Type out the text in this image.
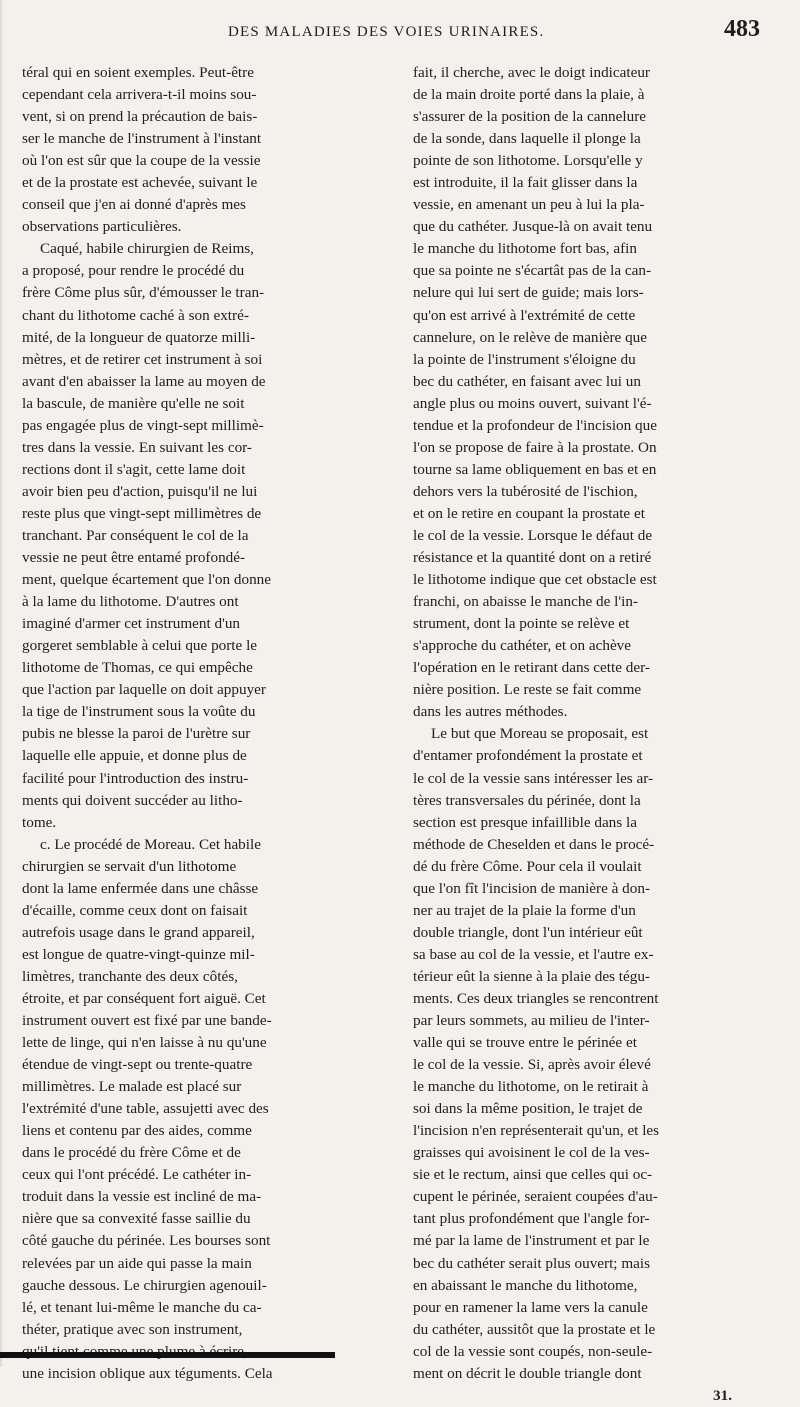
DES MALADIES DES VOIES URINAIRES.	483
téral qui en soient exemples. Peut-être
cependant cela arrivera-t-il moins sou-
vent, si on prend la précaution de bais-
ser le manche de l'instrument à l'instant
où l'on est sûr que la coupe de la vessie
et de la prostate est achevée, suivant le
conseil que j'en ai donné d'après mes
observations particulières.
Caqué, habile chirurgien de Reims,
a proposé, pour rendre le procédé du
frère Côme plus sûr, d'émousser le tran-
chant du lithotome caché à son extré-
mité, de la longueur de quatorze milli-
mètres, et de retirer cet instrument à soi
avant d'en abaisser la lame au moyen de
la bascule, de manière qu'elle ne soit
pas engagée plus de vingt-sept millimè-
tres dans la vessie. En suivant les cor-
rections dont il s'agit, cette lame doit
avoir bien peu d'action, puisqu'il ne lui
reste plus que vingt-sept millimètres de
tranchant. Par conséquent le col de la
vessie ne peut être entamé profondé-
ment, quelque écartement que l'on donne
à la lame du lithotome. D'autres ont
imaginé d'armer cet instrument d'un
gorgeret semblable à celui que porte le
lithotome de Thomas, ce qui empêche
que l'action par laquelle on doit appuyer
la tige de l'instrument sous la voûte du
pubis ne blesse la paroi de l'urètre sur
laquelle elle appuie, et donne plus de
facilité pour l'introduction des instru-
ments qui doivent succéder au litho-
tome.
c. Le procédé de Moreau. Cet habile
chirurgien se servait d'un lithotome
dont la lame enfermée dans une châsse
d'écaille, comme ceux dont on faisait
autrefois usage dans le grand appareil,
est longue de quatre-vingt-quinze mil-
limètres, tranchante des deux côtés,
étroite, et par conséquent fort aiguë. Cet
instrument ouvert est fixé par une bande-
lette de linge, qui n'en laisse à nu qu'une
étendue de vingt-sept ou trente-quatre
millimètres. Le malade est placé sur
l'extrémité d'une table, assujetti avec des
liens et contenu par des aides, comme
dans le procédé du frère Côme et de
ceux qui l'ont précédé. Le cathéter in-
troduit dans la vessie est incliné de ma-
nière que sa convexité fasse saillie du
côté gauche du périnée. Les bourses sont
relevées par un aide qui passe la main
gauche dessous. Le chirurgien agenouil-
lé, et tenant lui-même le manche du ca-
théter, pratique avec son instrument,
une incision oblique aux téguments. Cela
fait, il cherche, avec le doigt indicateur
de la main droite porté dans la plaie, à
s'assurer de la position de la cannelure
de la sonde, dans laquelle il plonge la
pointe de son lithotome. Lorsqu'elle y
est introduite, il la fait glisser dans la
vessie, en amenant un peu à lui la pla-
que du cathéter. Jusque-là on avait tenu
le manche du lithotome fort bas, afin
que sa pointe ne s'écartât pas de la can-
nelure qui lui sert de guide; mais lors-
qu'on est arrivé à l'extrémité de cette
cannelure, on le relève de manière que
la pointe de l'instrument s'éloigne du
bec du cathéter, en faisant avec lui un
angle plus ou moins ouvert, suivant l'é-
tendue et la profondeur de l'incision que
l'on se propose de faire à la prostate. On
tourne sa lame obliquement en bas et en
dehors vers la tubérosité de l'ischion,
et on le retire en coupant la prostate et
le col de la vessie. Lorsque le défaut de
résistance et la quantité dont on a retiré
le lithotome indique que cet obstacle est
franchi, on abaisse le manche de l'in-
strument, dont la pointe se relève et
s'approche du cathéter, et on achève
l'opération en le retirant dans cette der-
nière position. Le reste se fait comme
dans les autres méthodes.
Le but que Moreau se proposait, est
d'entamer profondément la prostate et
le col de la vessie sans intéresser les ar-
tères transversales du périnée, dont la
section est presque infaillible dans la
méthode de Cheselden et dans le procé-
dé du frère Côme. Pour cela il voulait
que l'on fît l'incision de manière à don-
ner au trajet de la plaie la forme d'un
double triangle, dont l'un intérieur eût
sa base au col de la vessie, et l'autre ex-
térieur eût la sienne à la plaie des tégu-
ments. Ces deux triangles se rencontrent
par leurs sommets, au milieu de l'inter-
valle qui se trouve entre le périnée et
le col de la vessie. Si, après avoir élevé
le manche du lithotome, on le retirait à
soi dans la même position, le trajet de
l'incision n'en représenterait qu'un, et les
graisses qui avoisinent le col de la ves-
sie et le rectum, ainsi que celles qui oc-
cupent le périnée, seraient coupées d'au-
tant plus profondément que l'angle for-
mé par la lame de l'instrument et par le
bec du cathéter serait plus ouvert; mais
en abaissant le manche du lithotome,
pour en ramener la lame vers la canule
du cathéter, aussitôt que la prostate et le
col de la vessie sont coupés, non-seule-
ment on décrit le double triangle dont
31.
